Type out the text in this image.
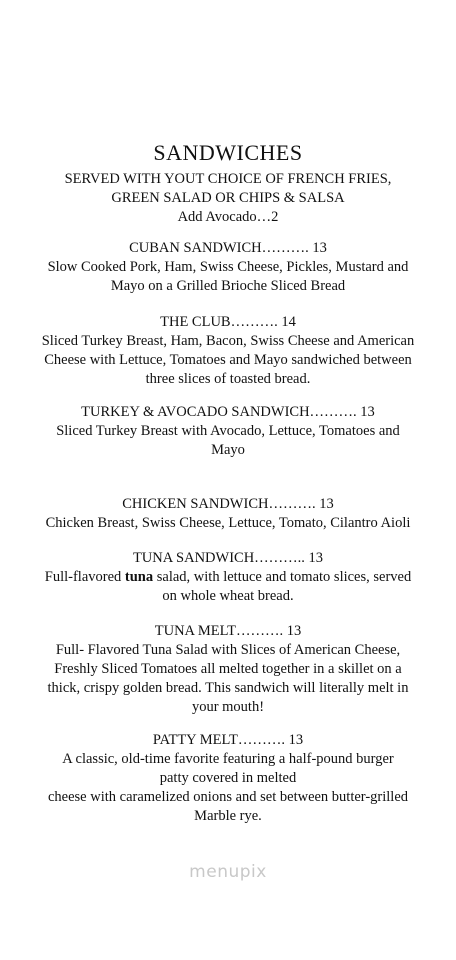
SANDWICHES
SERVED WITH YOUT CHOICE OF FRENCH FRIES,
GREEN SALAD OR CHIPS & SALSA
Add Avocado…2
CUBAN SANDWICH………. 13
Slow Cooked Pork, Ham, Swiss Cheese, Pickles, Mustard and
Mayo on a Grilled Brioche Sliced Bread
THE CLUB………. 14
Sliced Turkey Breast, Ham, Bacon, Swiss Cheese and American
Cheese with Lettuce, Tomatoes and Mayo sandwiched between
three slices of toasted bread.
TURKEY & AVOCADO SANDWICH………. 13
Sliced Turkey Breast with Avocado, Lettuce, Tomatoes and
Mayo
CHICKEN SANDWICH………. 13
Chicken Breast, Swiss Cheese, Lettuce, Tomato, Cilantro Aioli
TUNA SANDWICH……….. 13
Full-flavored tuna salad, with lettuce and tomato slices, served
on whole wheat bread.
TUNA MELT………. 13
Full- Flavored Tuna Salad with Slices of American Cheese,
Freshly Sliced Tomatoes all melted together in a skillet on a
thick, crispy golden bread. This sandwich will literally melt in
your mouth!
PATTY MELT………. 13
A classic, old-time favorite featuring a half-pound burger
patty covered in melted
cheese with caramelized onions and set between butter-grilled
Marble rye.
menupix
